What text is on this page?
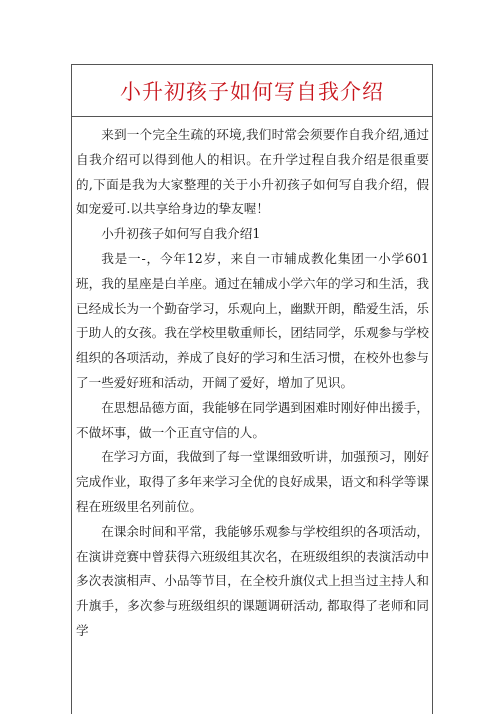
小升初孩子如何写自我介绍

来到一个完全生疏的环境,我们时常会须要作自我介绍,通过自我介绍可以得到他人的相识。在升学过程自我介绍是很重要的,下面是我为大家整理的关于小升初孩子如何写自我介绍，假如宠爱可.以共享给身边的挚友喔！

小升初孩子如何写自我介绍1

我是一-，今年12岁，来自一市辅成教化集团一小学601班，我的星座是白羊座。通过在辅成小学六年的学习和生活，我已经成长为一个勤奋学习，乐观向上，幽默开朗，酷爱生活，乐于助人的女孩。我在学校里敬重师长，团结同学，乐观参与学校组织的各项活动，养成了良好的学习和生活习惯，在校外也参与了一些爱好班和活动，开阔了爱好，增加了见识。

在思想品德方面，我能够在同学遇到困难时刚好伸出援手，不做坏事，做一个正直守信的人。

在学习方面，我做到了每一堂课细致听讲，加强预习，刚好完成作业，取得了多年来学习全优的良好成果，语文和科学等课程在班级里名列前位。

在课余时间和平常，我能够乐观参与学校组织的各项活动，在演讲竞赛中曾获得六班级组其次名，在班级组织的表演活动中多次表演相声、小品等节目，在全校升旗仪式上担当过主持人和升旗手，多次参与班级组织的课题调研活动, 都取得了老师和同学
